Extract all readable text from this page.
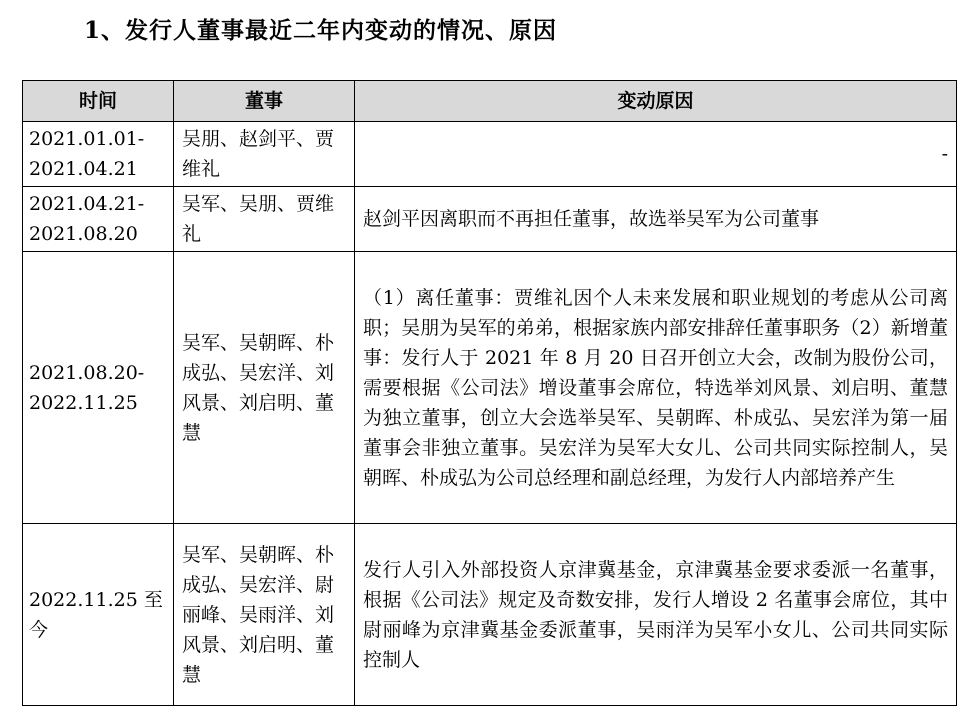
1、发行人董事最近二年内变动的情况、原因
时间	董事	变动原因
2021.01.01-2021.04.21	吴朋、赵剑平、贾维礼	-
2021.04.21-2021.08.20	吴军、吴朋、贾维礼	赵剑平因离职而不再担任董事，故选举吴军为公司董事
2021.08.20-2022.11.25	吴军、吴朝晖、朴成弘、吴宏洋、刘风景、刘启明、董慧	（1）离任董事：贾维礼因个人未来发展和职业规划的考虑从公司离职；吴朋为吴军的弟弟，根据家族内部安排辞任董事职务（2）新增董事：发行人于 2021 年 8 月 20 日召开创立大会，改制为股份公司，需要根据《公司法》增设董事会席位，特选举刘风景、刘启明、董慧为独立董事，创立大会选举吴军、吴朝晖、朴成弘、吴宏洋为第一届董事会非独立董事。吴宏洋为吴军大女儿、公司共同实际控制人，吴朝晖、朴成弘为公司总经理和副总经理，为发行人内部培养产生
2022.11.25 至今	吴军、吴朝晖、朴成弘、吴宏洋、尉丽峰、吴雨洋、刘风景、刘启明、董慧	发行人引入外部投资人京津冀基金，京津冀基金要求委派一名董事，根据《公司法》规定及奇数安排，发行人增设 2 名董事会席位，其中尉丽峰为京津冀基金委派董事，吴雨洋为吴军小女儿、公司共同实际控制人
